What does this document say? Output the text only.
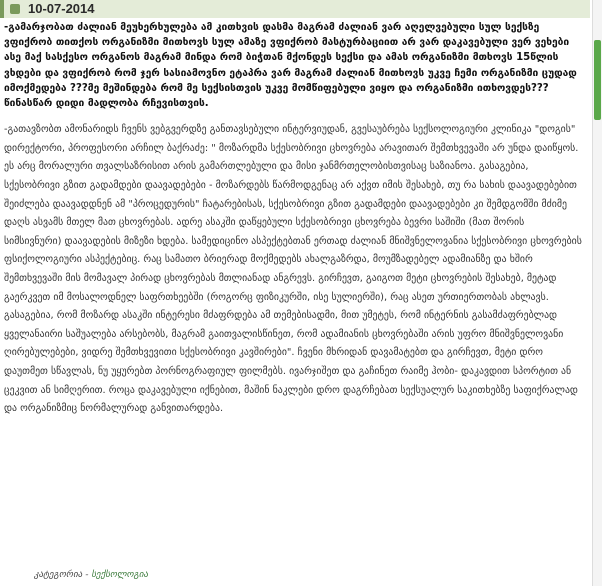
10-07-2014

-გამარჯობათ ძალიან მეუხერხულება ამ კითხვის დასმა მაგრამ ძალიან ვარ აღელვებული სულ სექსზე ვფიქრობ თითქოს ორგანიზმი მითხოვს სულ ამაზე ვფიქრობ მასტურბაციით არ ვარ დაკავებული ვერ ვეხები ასე მაქ სასქესო ორგანოს მაგრამ მინდა რომ ბიჭთან მქონდეს სექსი და ამას ორგანიზმი მთხოვს 15წლის ვხდები და ვფიქრობ რომ ჯერ სასიამოვნო ეტაპრა ვარ მაგრამ ძალიან მითხოვს უკვე ჩემი ორგანიზმი ცუდად იმოქმედება ???მე მეშინდება რომ მე სექსისთვის უკვე მომწიფებული ვიყო და ორგანიზმი ითხოვდეს??? წინასწარ დიდი მადლობა რჩევისთვის.

-გათავზობთ ამონარიდს ჩვენს ვებგვერდზე განთავსებული ინტერვიუდან, გვესაუბრება სექსოლოგიური კლინიკა "დოგის" დირექტორი, პროფესორი არჩილ ბაქრაძე: " მოზარდმა სქესობრივი ცხოვრება არავითარ შემთხვევაში არ უნდა დაიწყოს. ეს არც მორალური თვალსაზრისით არის გამართლებული და მისი ჯანმრთელობისთვისაც საზიანოა. გასაგებია, სქესობრივი გზით გადამდები დაავადებები - მოზარდებს წარმოდგენაც არ აქვთ იმის შესახებ, თუ რა სახის დაავადებებით შეიძლება დაავადდნენ ამ "პროცედურის" ჩატარებისას, სქესობრივი გზით გადამდები დაავადებები კი შემდგომში მძიმე დაღს ასვამს მთელ მათ ცხოვრებას. ადრე ასაკში დაწყებული სქესობრივი ცხოვრება ბევრი საშიში (მათ შორის სიმსივნური) დაავადების მიზეზი ხდება. სამედიცინო ასპექტებთან ერთად ძალიან მნიშვნელოვანია სქესობრივი ცხოვრების ფსიქოლოგიური ასპექტებიც. რაც სამათო ბრიერად მოქმედებს ახალგაზრდა, მოუმზადებელ ადამიანზე და ხშირ შემთხვევაში მის მომავალ პირად ცხოვრებას მთლიანად ანგრევს. გირჩევთ, გაიგოთ მეტი ცხოვრების შესახებ, მეტად გაერკვეთ იმ მოსალოდნელ საფრთხეებში (როგორც ფიზიკურში, ისე სულიერში), რაც ასეთ ურთიერთობას ახლავს. გასაგებია, რომ მოზარდ ასაკში ინტერესი მძაფრდება ამ თემებისადმი, მით უმეტეს, რომ ინტერნის გასამძაფრებლად ყველანაირი საშუალება არსებობს, მაგრამ გაითვალისწინეთ, რომ ადამიანის ცხოვრებაში არის უფრო მნიშვნელოვანი ღირებულებები, ვიდრე შემთხვევითი სქესობრივი კავშირები". ჩვენი მხრიდან დავამატებთ და გირჩევთ, მეტი დრო დაუთმეთ სწავლას, ნუ უყურებთ პორნოგრაფიულ ფილმებს. ივარჯიშეთ და გაჩინეთ რაიმე ჰობი- დაკავდით სპორტით ან ცეკვით ან სიმღერით. როცა დაკავებული იქნებით, მაშინ ნაკლები დრო დაგრჩებათ სექსუალურ საკითხებზე საფიქრალად და ორგანიზმიც ნორმალურად განვითარდება.

კატეგორია - სექსოლოგია
